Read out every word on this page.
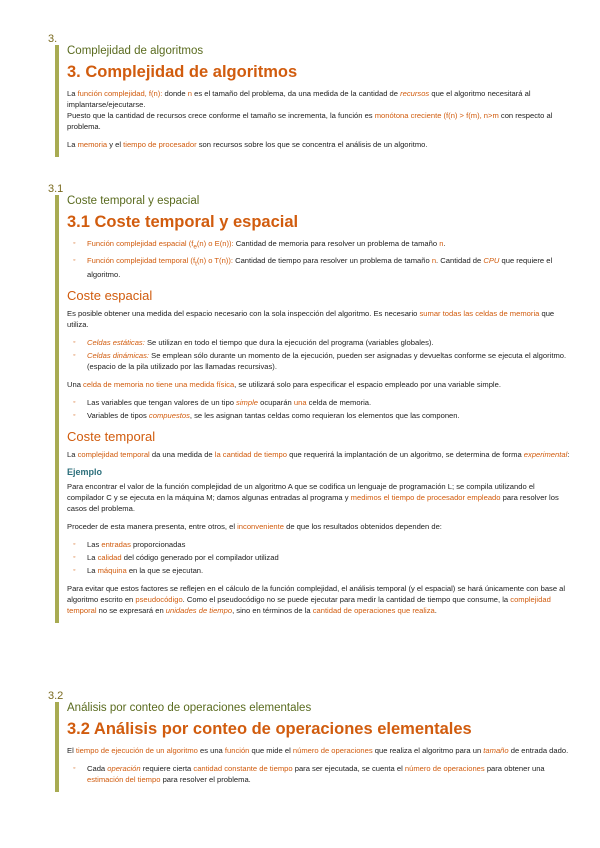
3.
Complejidad de algoritmos
3. Complejidad de algoritmos

La función complejidad, f(n): donde n es el tamaño del problema, da una medida de la cantidad de recursos que el algoritmo necesitará al implantarse/ejecutarse.

Puesto que la cantidad de recursos crece conforme el tamaño se incrementa, la función es monótona creciente (f(n) > f(m), n>m con respecto al problema.

La memoria y el tiempo de procesador son recursos sobre los que se concentra el análisis de un algoritmo.

3.1
Coste temporal y espacial
3.1 Coste temporal y espacial
◦ Función complejidad espacial ($f_e(n)$ o E(n)): Cantidad de memoria para resolver un problema de tamaño n.
◦ Función complejidad temporal ($f_t(n)$ o T(n)): Cantidad de tiempo para resolver un problema de tamaño n. Cantidad de CPU que requiere el algoritmo.
Coste espacial

Es posible obtener una medida del espacio necesario con la sola inspección del algoritmo. Es necesario sumar todas las celdas de memoria que utiliza.

◦ Celdas estáticas: Se utilizan en todo el tiempo que dura la ejecución del programa (variables globales).
◦ Celdas dinámicas: Se emplean sólo durante un momento de la ejecución, pueden ser asignadas y devueltas conforme se ejecuta el algoritmo. (espacio de la pila utilizado por las llamadas recursivas).

Una celda de memoria no tiene una medida física, se utilizará solo para especificar el espacio empleado por una variable simple.

◦ Las variables que tengan valores de un tipo simple ocuparán una celda de memoria.
◦ Variables de tipos compuestos, se les asignan tantas celdas como requieran los elementos que las componen.
Coste temporal

La complejidad temporal da una medida de la cantidad de tiempo que requerirá la implantación de un algoritmo, se determina de forma experimental:

Ejemplo

Para encontrar el valor de la función complejidad de un algoritmo A que se codifica un lenguaje de programación L; se compila utilizando el compilador C y se ejecuta en la máquina M; damos algunas entradas al programa y medimos el tiempo de procesador empleado para resolver los casos del problema.

Proceder de esta manera presenta, entre otros, el inconveniente de que los resultados obtenidos dependen de:

◦ Las entradas proporcionadas
◦ La calidad del código generado por el compilador utilizad
◦ La máquina en la que se ejecutan.

Para evitar que estos factores se reflejen en el cálculo de la función complejidad, el análisis temporal (y el espacial) se hará únicamente con base al algoritmo escrito en pseudocódigo. Como el pseudocódigo no se puede ejecutar para medir la cantidad de tiempo que consume, la complejidad temporal no se expresará en unidades de tiempo, sino en términos de la cantidad de operaciones que realiza.

3.2
Análisis por conteo de operaciones elementales
3.2 Análisis por conteo de operaciones elementales

El tiempo de ejecución de un algoritmo es una función que mide el número de operaciones que realiza el algoritmo para un tamaño de entrada dado.

◦ Cada operación requiere cierta cantidad constante de tiempo para ser ejecutada, se cuenta el número de operaciones para obtener una estimación del tiempo para resolver el problema.
